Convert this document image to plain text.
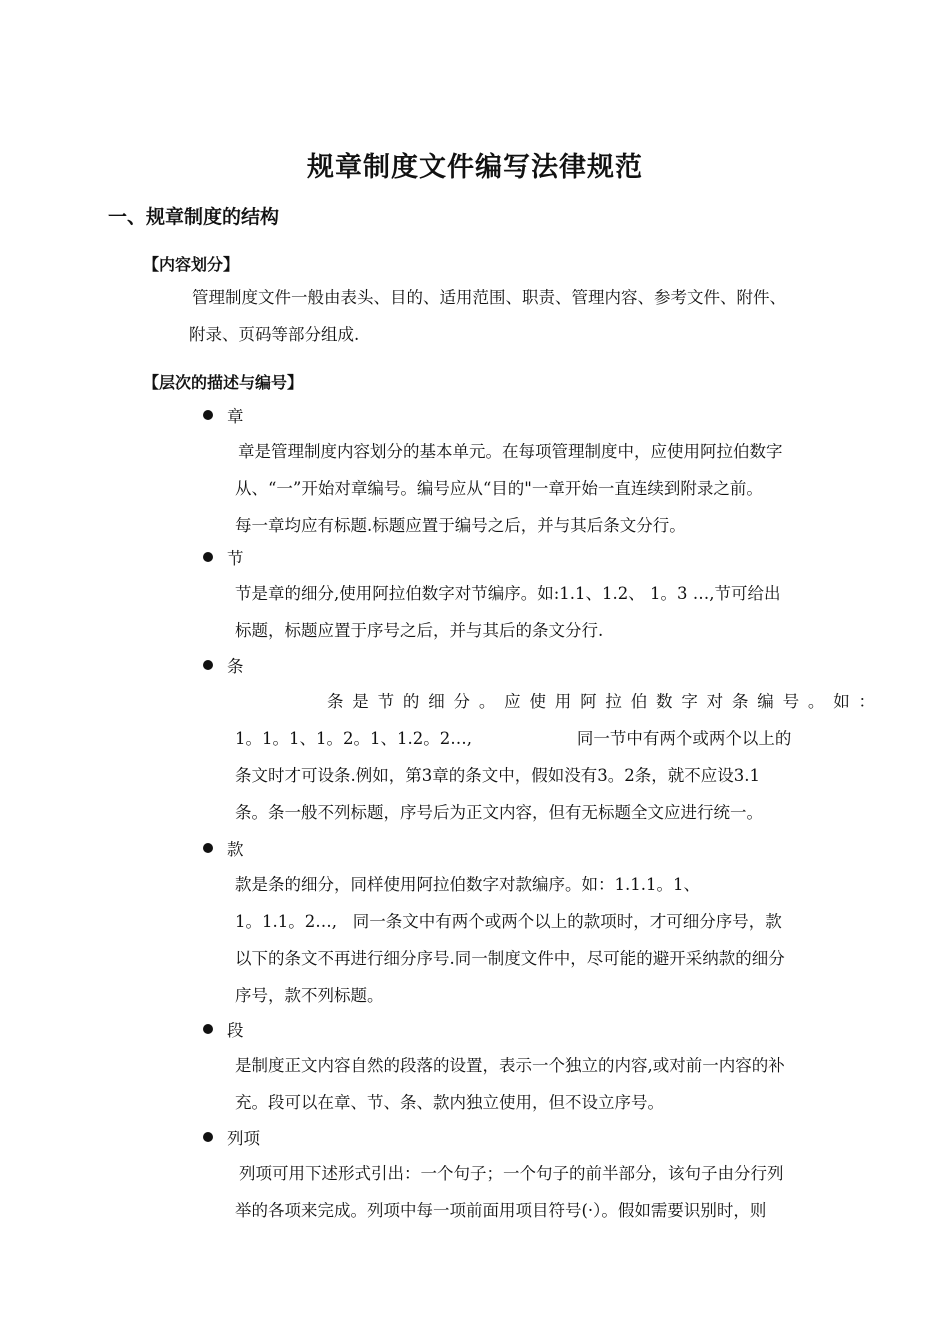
规章制度文件编写法律规范
一、规章制度的结构
【内容划分】

管理制度文件一般由表头、目的、适用范围、职责、管理内容、参考文件、附件、
附录、页码等部分组成.

【层次的描述与编号】
章

章是管理制度内容划分的基本单元。在每项管理制度中，应使用阿拉伯数字
从、“一”开始对章编号。编号应从“目的"一章开始一直连续到附录之前。
每一章均应有标题.标题应置于编号之后，并与其后条文分行。

节

节是章的细分,使用阿拉伯数字对节编序。如:1.1、1.2、 1。3 …,节可给出
标题，标题应置于序号之后，并与其后的条文分行.

条

条是节的细分。应使用阿拉伯数字对条编号。如：
1。1。1、1。2。1、1.2。2…,                    同一节中有两个或两个以上的
条文时才可设条.例如，第3章的条文中，假如没有3。2条，就不应设3.1
条。条一般不列标题，序号后为正文内容，但有无标题全文应进行统一。

款

款是条的细分，同样使用阿拉伯数字对款编序。如：1.1.1。1、
1。1.1。2…,   同一条文中有两个或两个以上的款项时，才可细分序号，款
以下的条文不再进行细分序号.同一制度文件中，尽可能的避开采纳款的细分
序号，款不列标题。

段

是制度正文内容自然的段落的设置，表示一个独立的内容,或对前一内容的补
充。段可以在章、节、条、款内独立使用，但不设立序号。

列项

列项可用下述形式引出：一个句子；一个句子的前半部分，该句子由分行列
举的各项来完成。列项中每一项前面用项目符号(·）。假如需要识别时，则
